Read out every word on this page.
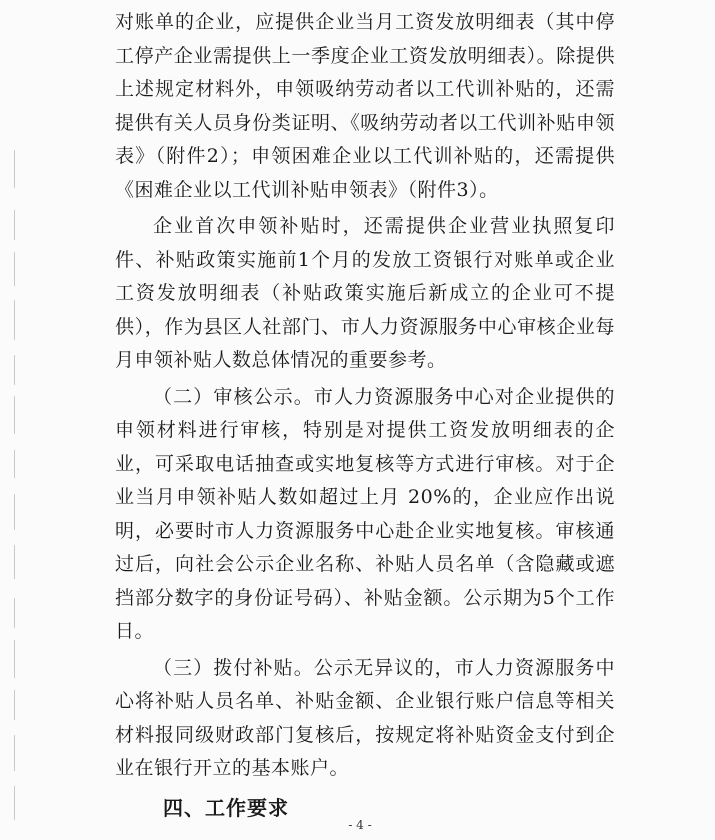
对账单的企业，应提供企业当月工资发放明细表（其中停工停产企业需提供上一季度企业工资发放明细表）。除提供上述规定材料外，申领吸纳劳动者以工代训补贴的，还需提供有关人员身份类证明、《吸纳劳动者以工代训补贴申领表》（附件2）；申领困难企业以工代训补贴的，还需提供《困难企业以工代训补贴申领表》（附件3）。

企业首次申领补贴时，还需提供企业营业执照复印件、补贴政策实施前1个月的发放工资银行对账单或企业工资发放明细表（补贴政策实施后新成立的企业可不提供），作为县区人社部门、市人力资源服务中心审核企业每月申领补贴人数总体情况的重要参考。

（二）审核公示。市人力资源服务中心对企业提供的申领材料进行审核，特别是对提供工资发放明细表的企业，可采取电话抽查或实地复核等方式进行审核。对于企业当月申领补贴人数如超过上月 20%的，企业应作出说明，必要时市人力资源服务中心赴企业实地复核。审核通过后，向社会公示企业名称、补贴人员名单（含隐藏或遮挡部分数字的身份证号码）、补贴金额。公示期为5个工作日。

（三）拨付补贴。公示无异议的，市人力资源服务中心将补贴人员名单、补贴金额、企业银行账户信息等相关材料报同级财政部门复核后，按规定将补贴资金支付到企业在银行开立的基本账户。

四、工作要求

- 4 -
